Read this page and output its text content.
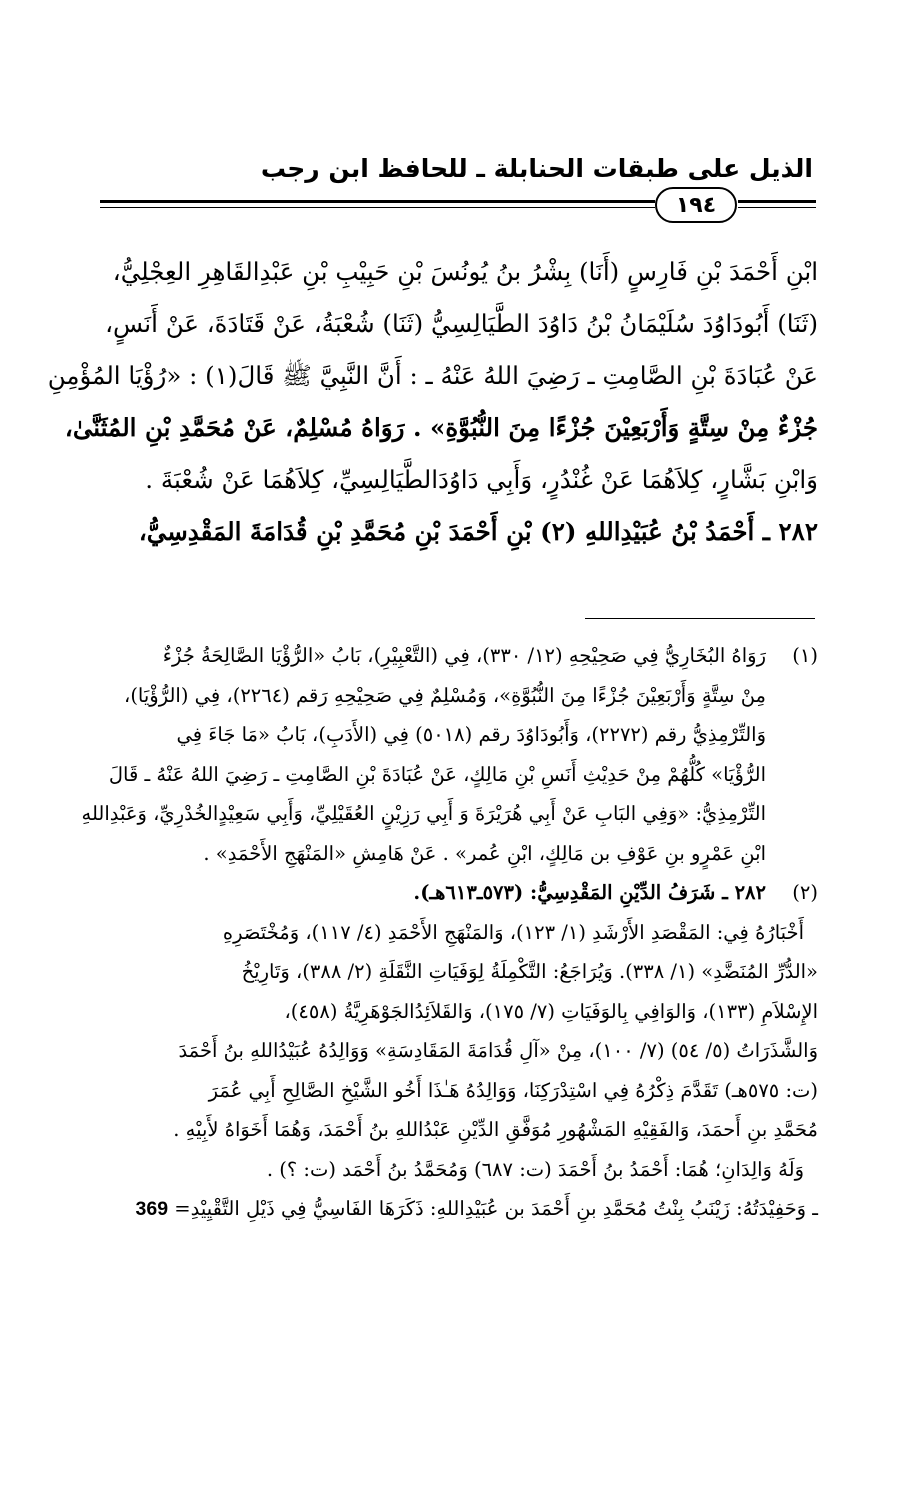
الذيل على طبقات الحنابلة ـ للحافظ ابن رجب
١٩٤
ابْنِ أَحْمَدَ بْنِ فَارِسٍ (أَنَا) بِشْرُ بنُ يُونُسَ بْنِ حَبِيْبِ بْنِ عَبْدِالقَاهِرِ العِجْلِيُّ،
(ثَنَا) أَبُودَاوُدَ سُلَيْمَانُ بْنُ دَاوُدَ الطَّيَالِسِيُّ (ثَنَا) شُعْبَةُ، عَنْ قَتَادَةَ، عَنْ أَنَسٍ،
عَنْ عُبَادَةَ بْنِ الصَّامِتِ ـ رَضِيَ اللهُ عَنْهُ ـ : أَنَّ النَّبِيَّ ﷺ قَالَ(١) : «رُؤْيَا المُؤْمِنِ
جُزْءٌ مِنْ سِتَّةٍ وَأَرْبَعِيْنَ جُزْءًا مِنَ النُّبُوَّةِ» . رَوَاهُ مُسْلِمٌ، عَنْ مُحَمَّدِ بْنِ المُثَنَّىٰ،
وَابْنِ بَشَّارٍ، كِلاَهُمَا عَنْ غُنْدُرٍ، وَأَبِي دَاوُدَالطَّيَالِسِيِّ، كِلاَهُمَا عَنْ شُعْبَةَ .
٢٨٢ ـ أَحْمَدُ بْنُ عُبَيْدِاللهِ (٢) بْنِ أَحْمَدَ بْنِ مُحَمَّدِ بْنِ قُدَامَةَ المَقْدِسِيُّ،
(١)رَوَاهُ البُخَارِيُّ فِي صَحِيْحِهِ (١٢/ ٣٣٠)، فِي (التَّعْبِيْرِ)، بَابُ «الرُّؤْيَا الصَّالِحَةُ جُزْءٌ
مِنْ سِتَّةٍ وَأَرْبَعِيْنَ جُزْءًا مِنَ النُّبُوَّةِ»، وَمُسْلِمٌ فِي صَحِيْحِهِ رَقم (٢٢٦٤)، فِي (الرُّؤْيَا)،
وَالتِّرْمِذِيُّ رقم (٢٢٧٢)، وَأَبُودَاوُدَ رقم (٥٠١٨) فِي (الأَدَبِ)، بَابُ «مَا جَاءَ فِي
الرُّؤْيَا» كُلُّهُمْ مِنْ حَدِيْثِ أَنَسِ بْنِ مَالِكٍ، عَنْ عُبَادَةَ بْنِ الصَّامِتِ ـ رَضِيَ اللهُ عَنْهُ ـ قَالَ
التِّرْمِذِيُّ: «وَفِي البَابِ عَنْ أَبِي هُرَيْرَةَ وَ أَبِي رَزِيْنٍ العُقَيْلِيِّ، وَأَبِي سَعِيْدٍالخُدْرِيِّ، وَعَبْدِاللهِ
ابْنِ عَمْرٍو بنِ عَوْفِ بن مَالِكٍ، ابْنِ عُمر» . عَنْ هَامِشِ «المَنْهَجِ الأَحْمَدِ» .
(٢)٢٨٢ ـ شَرَفُ الدِّيْنِ المَقْدِسِيُّ: (٥٧٣ـ٦١٣هـ).
أَخْبَارُهُ فِي: المَقْصَدِ الأَرْشَدِ (١/ ١٢٣)، وَالمَنْهَجِ الأَحْمَدِ (٤/ ١١٧)، وَمُخْتَصَرِهِ
«الدُّرِّ المُنَضَّدِ» (١/ ٣٣٨). وَيُرَاجَعُ: التَّكْمِلَةُ لِوَفَيَاتِ النَّقَلَةِ (٢/ ٣٨٨)، وَتَارِيْخُ
الإِسْلاَمِ (١٣٣)، وَالوَافِي بِالوَفَيَاتِ (٧/ ١٧٥)، وَالقَلاَئِدُالجَوْهَرِيَّةُ (٤٥٨)،
وَالشَّذَرَاتُ (٥/ ٥٤) (٧/ ١٠٠)، مِنْ «آلِ قُدَامَةَ المَقَادِسَةِ» وَوَالِدُهُ عُبَيْدُاللهِ بنُ أَحْمَدَ
(ت: ٥٧٥هـ) تَقَدَّمَ ذِكْرُهُ فِي اسْتِدْرَكِنَا، وَوَالِدُهُ هَـٰذَا أَخُو الشَّيْخِ الصَّالِحِ أَبِي عُمَرَ
مُحَمَّدِ بنِ أَحمَدَ، وَالفَقِيْهِ المَشْهُورِ مُوَفَّقِ الدِّيْنِ عَبْدُاللهِ بنُ أَحْمَدَ، وَهُمَا أَخَوَاهُ لأَبِيْهِ .
وَلَهُ وَالِدَانِ؛ هُمَا: أَحْمَدُ بنُ أَحْمَدَ (ت: ٦٨٧) وَمُحَمَّدُ بنُ أَحْمَد (ت: ؟) .
ـ وَحَفِيْدَتُهُ: زَيْنَبُ بِنْتُ مُحَمَّدِ بنِ أَحْمَدَ بن عُبَيْدِاللهِ: ذَكَرَهَا الفَاسِيُّ فِي ذَيْلِ التَّقْيِيْدِ= 369
